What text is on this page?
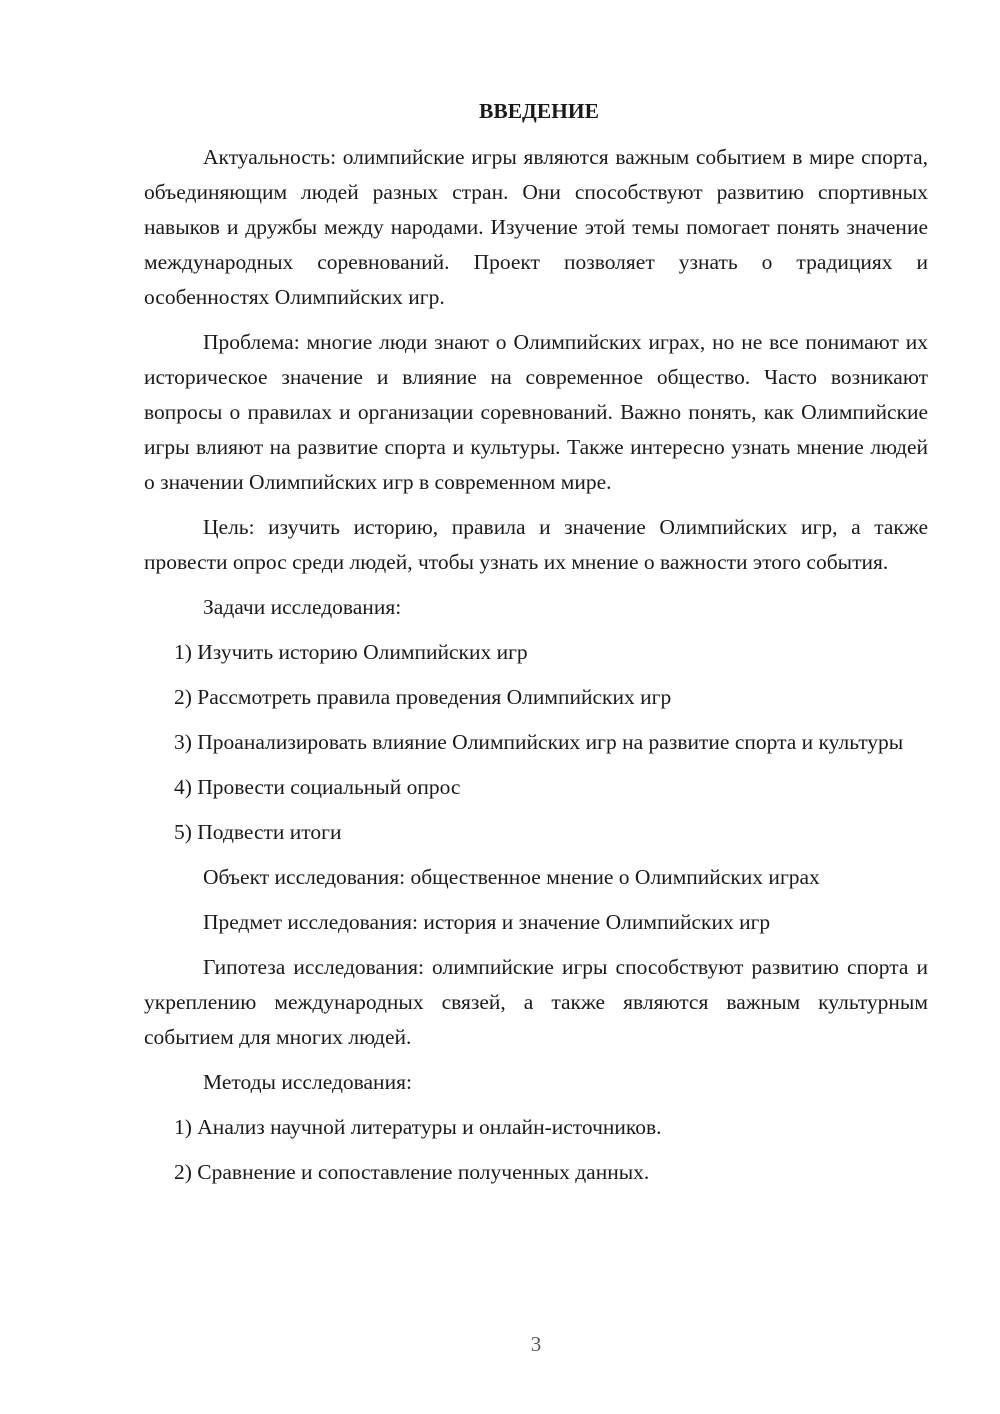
ВВЕДЕНИЕ

Актуальность: олимпийские игры являются важным событием в мире спорта, объединяющим людей разных стран. Они способствуют развитию спортивных навыков и дружбы между народами. Изучение этой темы помогает понять значение международных соревнований. Проект позволяет узнать о традициях и особенностях Олимпийских игр.

Проблема: многие люди знают о Олимпийских играх, но не все понимают их историческое значение и влияние на современное общество. Часто возникают вопросы о правилах и организации соревнований. Важно понять, как Олимпийские игры влияют на развитие спорта и культуры. Также интересно узнать мнение людей о значении Олимпийских игр в современном мире.

Цель: изучить историю, правила и значение Олимпийских игр, а также провести опрос среди людей, чтобы узнать их мнение о важности этого события.

Задачи исследования:

1) Изучить историю Олимпийских игр

2) Рассмотреть правила проведения Олимпийских игр

3) Проанализировать влияние Олимпийских игр на развитие спорта и культуры

4) Провести социальный опрос

5) Подвести итоги

Объект исследования: общественное мнение о Олимпийских играх

Предмет исследования: история и значение Олимпийских игр

Гипотеза исследования: олимпийские игры способствуют развитию спорта и укреплению международных связей, а также являются важным культурным событием для многих людей.

Методы исследования:

1) Анализ научной литературы и онлайн-источников.

2) Сравнение и сопоставление полученных данных.

3
